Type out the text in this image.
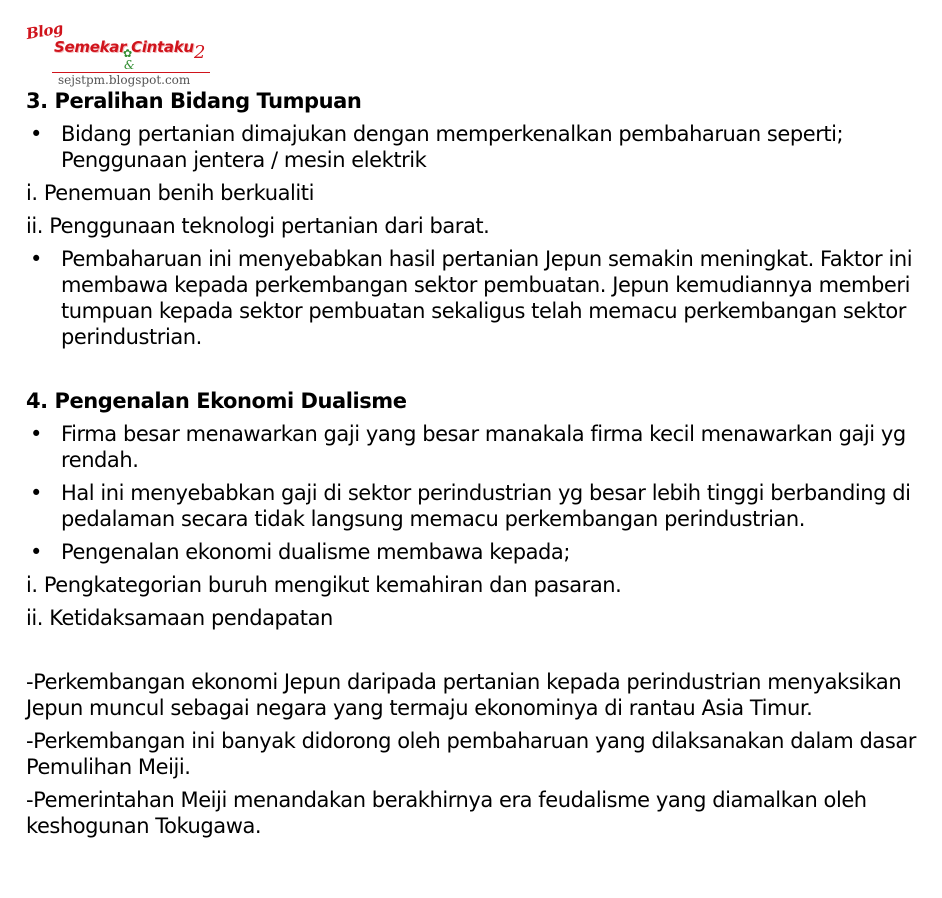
Blog
Semekar Cintaku
✿
&
2
sejstpm.blogspot.com
3. Peralihan Bidang Tumpuan
• Bidang pertanian dimajukan dengan memperkenalkan pembaharuan seperti; Penggunaan jentera / mesin elektrik
i. Penemuan benih berkualiti
ii. Penggunaan teknologi pertanian dari barat.
• Pembaharuan ini menyebabkan hasil pertanian Jepun semakin meningkat. Faktor ini membawa kepada perkembangan sektor pembuatan. Jepun kemudiannya memberi tumpuan kepada sektor pembuatan sekaligus telah memacu perkembangan sektor perindustrian.
4. Pengenalan Ekonomi Dualisme
• Firma besar menawarkan gaji yang besar manakala firma kecil menawarkan gaji yg rendah.
• Hal ini menyebabkan gaji di sektor perindustrian yg besar lebih tinggi berbanding di pedalaman secara tidak langsung memacu perkembangan perindustrian.
• Pengenalan ekonomi dualisme membawa kepada;
i. Pengkategorian buruh mengikut kemahiran dan pasaran.
ii. Ketidaksamaan pendapatan
-Perkembangan ekonomi Jepun daripada pertanian kepada perindustrian menyaksikan Jepun muncul sebagai negara yang termaju ekonominya di rantau Asia Timur.
-Perkembangan ini banyak didorong oleh pembaharuan yang dilaksanakan dalam dasar Pemulihan Meiji.
-Pemerintahan Meiji menandakan berakhirnya era feudalisme yang diamalkan oleh keshogunan Tokugawa.
